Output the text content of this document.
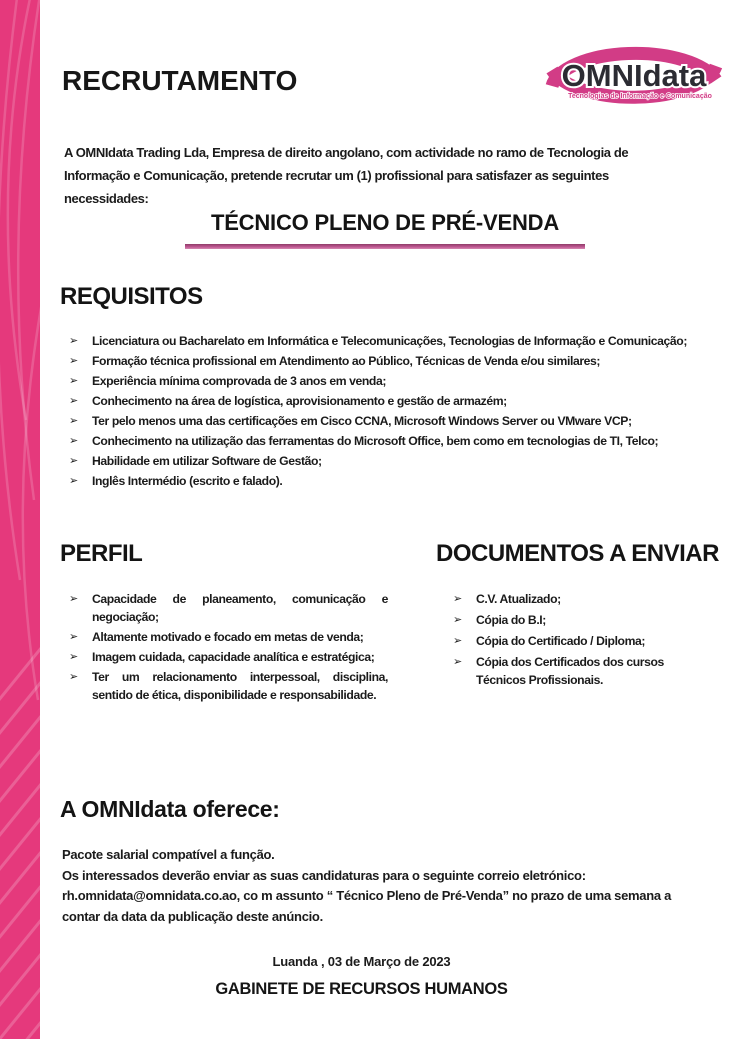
RECRUTAMENTO	OMNIdata
Tecnologias de Informação e Comunicação

A OMNIdata Trading Lda, Empresa de direito angolano, com actividade no ramo de Tecnologia de Informação e Comunicação, pretende recrutar um (1) profissional para satisfazer as seguintes necessidades:

TÉCNICO PLENO DE PRÉ-VENDA
REQUISITOS
➢ Licenciatura ou Bacharelato em Informática e Telecomunicações, Tecnologias de Informação e Comunicação;
➢ Formação técnica profissional em Atendimento ao Público, Técnicas de Venda e/ou similares;
➢ Experiência mínima comprovada de 3 anos em venda;
➢ Conhecimento na área de logística, aprovisionamento e gestão de armazém;
➢ Ter pelo menos uma das certificações em Cisco CCNA, Microsoft Windows Server ou VMware VCP;
➢ Conhecimento na utilização das ferramentas do Microsoft Office, bem como em tecnologias de TI, Telco;
➢ Habilidade em utilizar Software de Gestão;
➢ Inglês Intermédio (escrito e falado).
PERFIL
➢ Capacidade de planeamento, comunicação e negociação;
➢ Altamente motivado e focado em metas de venda;
➢ Imagem cuidada, capacidade analítica e estratégica;
➢ Ter um relacionamento interpessoal, disciplina, sentido de ética, disponibilidade e responsabilidade.
DOCUMENTOS A ENVIAR
➢ C.V. Atualizado;
➢ Cópia do B.I;
➢ Cópia do Certificado / Diploma;
➢ Cópia dos Certificados dos cursos Técnicos Profissionais.
A OMNIdata oferece:

Pacote salarial compatível a função.

Os interessados deverão enviar as suas candidaturas para o seguinte correio eletrónico: rh.omnidata@omnidata.co.ao, co m assunto “ Técnico Pleno de Pré-Venda” no prazo de uma semana a contar da data da publicação deste anúncio.

Luanda , 03 de Março de 2023
GABINETE DE RECURSOS HUMANOS
